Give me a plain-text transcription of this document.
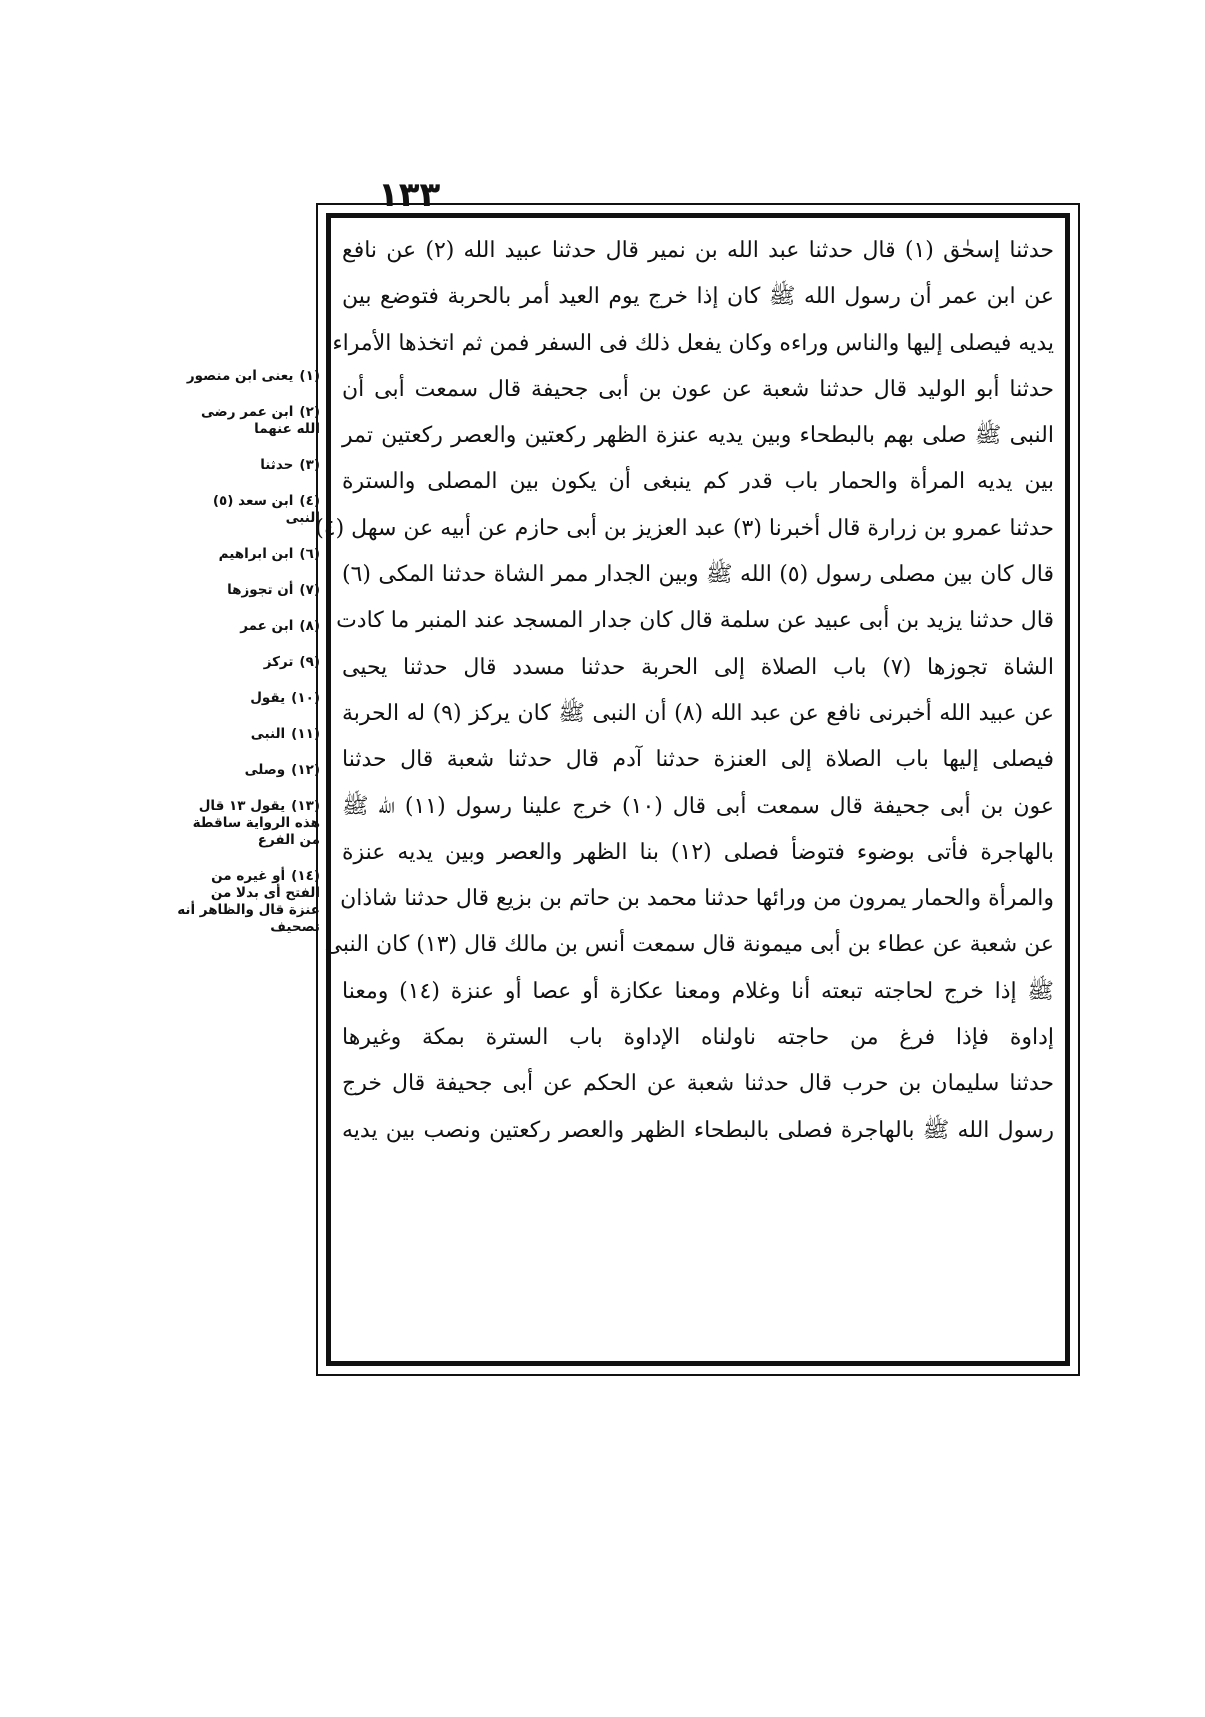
١٣٣
حدثنا إسحٰق (١) قال حدثنا عبد الله بن نمير قال حدثنا عبيد الله (٢) عن نافع
عن ابن عمر أن رسول الله ﷺ كان إذا خرج يوم العيد أمر بالحربة فتوضع بين
يديه فيصلى إليها والناس وراءه وكان يفعل ذلك فى السفر فمن ثم اتخذها الأمراء
حدثنا أبو الوليد قال حدثنا شعبة عن عون بن أبى جحيفة قال سمعت أبى أن
النبى ﷺ صلى بهم بالبطحاء وبين يديه عنزة الظهر ركعتين والعصر ركعتين تمر
بين يديه المرأة والحمار باب قدر كم ينبغى أن يكون بين المصلى والسترة
حدثنا عمرو بن زرارة قال أخبرنا (٣) عبد العزيز بن أبى حازم عن أبيه عن سهل (٤)
قال كان بين مصلى رسول (٥) الله ﷺ وبين الجدار ممر الشاة حدثنا المكى (٦)
قال حدثنا يزيد بن أبى عبيد عن سلمة قال كان جدار المسجد عند المنبر ما كادت
الشاة تجوزها (٧) باب الصلاة إلى الحربة حدثنا مسدد قال حدثنا يحيى
عن عبيد الله أخبرنى نافع عن عبد الله (٨) أن النبى ﷺ كان يركز (٩) له الحربة
فيصلى إليها باب الصلاة إلى العنزة حدثنا آدم قال حدثنا شعبة قال حدثنا
عون بن أبى جحيفة قال سمعت أبى قال (١٠) خرج علينا رسول (١١) الله ﷺ
بالهاجرة فأتى بوضوء فتوضأ فصلى (١٢) بنا الظهر والعصر وبين يديه عنزة
والمرأة والحمار يمرون من ورائها حدثنا محمد بن حاتم بن بزيع قال حدثنا شاذان
عن شعبة عن عطاء بن أبى ميمونة قال سمعت أنس بن مالك قال (١٣) كان النبى
ﷺ إذا خرج لحاجته تبعته أنا وغلام ومعنا عكازة أو عصا أو عنزة (١٤) ومعنا
إداوة فإذا فرغ من حاجته ناولناه الإداوة باب السترة بمكة وغيرها
حدثنا سليمان بن حرب قال حدثنا شعبة عن الحكم عن أبى جحيفة قال خرج
رسول الله ﷺ بالهاجرة فصلى بالبطحاء الظهر والعصر ركعتين ونصب بين يديه
(١)يعنى ابن منصور
(٢)ابن عمر رضى الله عنهما
(٣)حدثنا
(٤)ابن سعد (٥) النبى
(٦)ابن ابراهيم
(٧)أن تجوزها
(٨)ابن عمر
(٩)تركز
(١٠)يقول
(١١)النبى
(١٢)وصلى
(١٣)يقول ١٣ قال هذه الرواية ساقطة من الفرع
(١٤)أو غيره من الفتح أى بدلا من عنزة قال والظاهر أنه تصحيف
